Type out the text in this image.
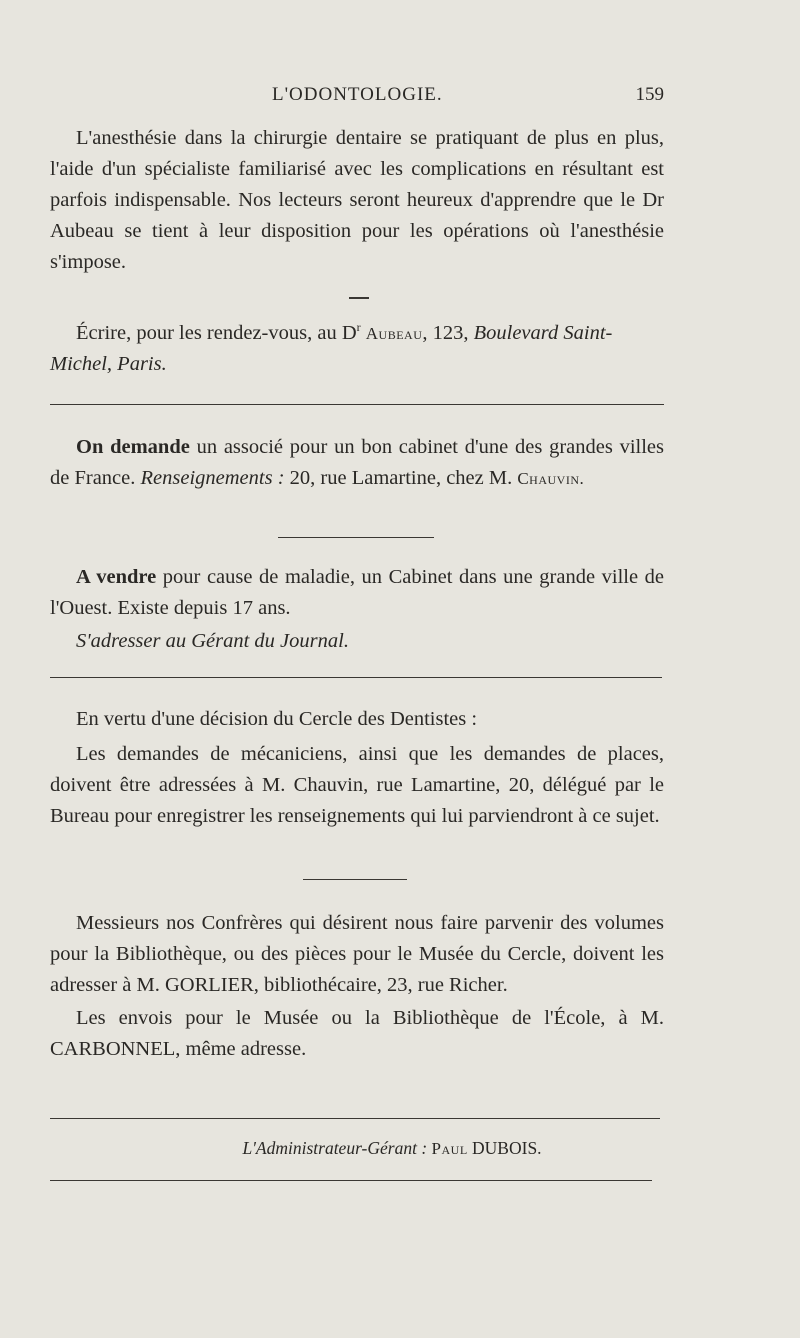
L'ODONTOLOGIE.	159

L'anesthésie dans la chirurgie dentaire se pratiquant de plus en plus, l'aide d'un spécialiste familiarisé avec les complications en résultant est parfois indispensable. Nos lecteurs seront heureux d'apprendre que le Dr Aubeau se tient à leur disposition pour les opérations où l'anesthésie s'impose.

Écrire, pour les rendez-vous, au $D^r$ Aubeau, 123, Boulevard Saint-Michel, Paris.

On demande un associé pour un bon cabinet d'une des grandes villes de France. Renseignements : 20, rue Lamartine, chez M. Chauvin.

A vendre pour cause de maladie, un Cabinet dans une grande ville de l'Ouest. Existe depuis 17 ans.

S'adresser au Gérant du Journal.

En vertu d'une décision du Cercle des Dentistes :

Les demandes de mécaniciens, ainsi que les demandes de places, doivent être adressées à M. Chauvin, rue Lamartine, 20, délégué par le Bureau pour enregistrer les renseignements qui lui parviendront à ce sujet.

Messieurs nos Confrères qui désirent nous faire parvenir des volumes pour la Bibliothèque, ou des pièces pour le Musée du Cercle, doivent les adresser à M. GORLIER, bibliothécaire, 23, rue Richer.

Les envois pour le Musée ou la Bibliothèque de l'École, à M. CARBONNEL, même adresse.

L'Administrateur-Gérant : Paul DUBOIS.
